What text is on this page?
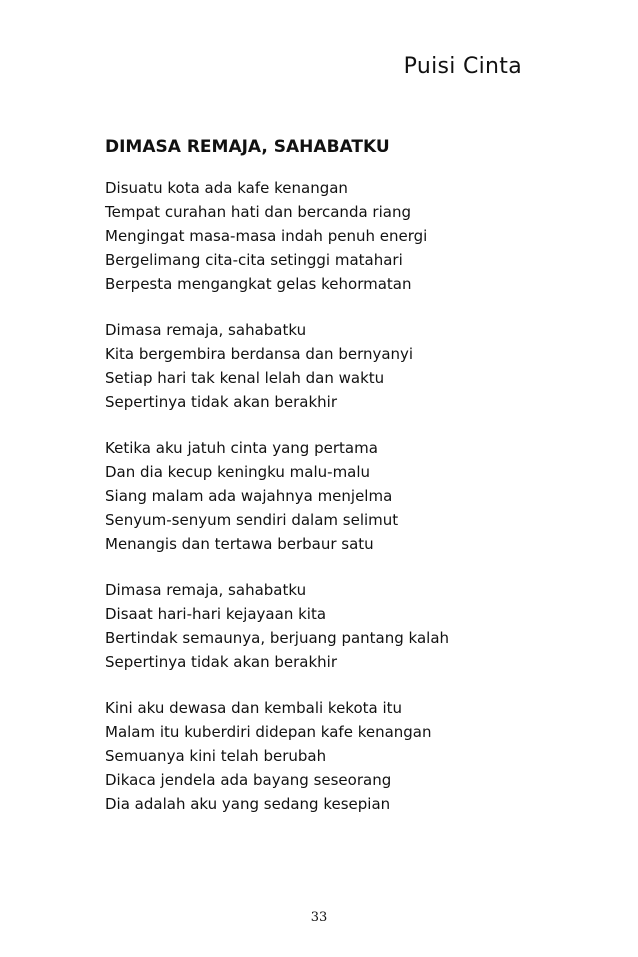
Puisi Cinta
DIMASA REMAJA, SAHABATKU
Disuatu kota ada kafe kenangan
Tempat curahan hati dan bercanda riang
Mengingat masa-masa indah penuh energi
Bergelimang cita-cita setinggi matahari
Berpesta mengangkat gelas kehormatan
Dimasa remaja, sahabatku
Kita bergembira berdansa dan bernyanyi
Setiap hari tak kenal lelah dan waktu
Sepertinya tidak akan berakhir
Ketika aku jatuh cinta yang pertama
Dan dia kecup keningku malu-malu
Siang malam ada wajahnya menjelma
Senyum-senyum sendiri dalam selimut
Menangis dan tertawa berbaur satu
Dimasa remaja, sahabatku
Disaat hari-hari kejayaan kita
Bertindak semaunya, berjuang pantang kalah
Sepertinya tidak akan berakhir
Kini aku dewasa dan kembali kekota itu
Malam itu kuberdiri didepan kafe kenangan
Semuanya kini telah berubah
Dikaca jendela ada bayang seseorang
Dia adalah aku yang sedang kesepian
33
